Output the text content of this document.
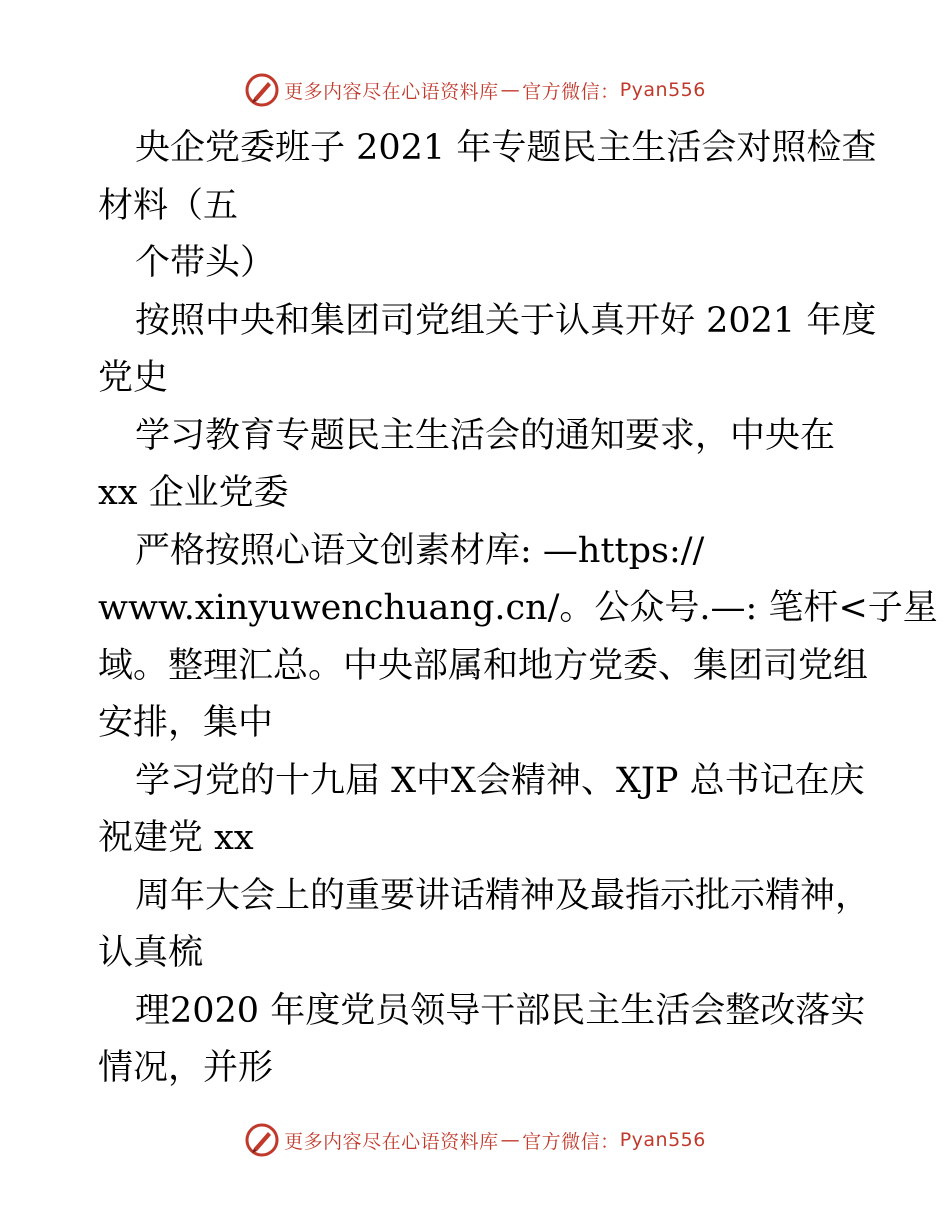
更多内容尽在心语资料库 — 官方微信： Pyan556
央企党委班子 2021 年专题民主生活会对照检查
材料（五
个带头）
按照中央和集团司党组关于认真开好 2021 年度
党史
学习教育专题民主生活会的通知要求，中央在
xx 企业党委
严格按照心语文创素材库: —https://
www.xinyuwenchuang.cn/。公众号.—: 笔杆<子星
域。整理汇总。中央部属和地方党委、集团司党组
安排，集中
学习党的十九届 X中X会精神、XJP 总书记在庆
祝建党 xx
周年大会上的重要讲话精神及最指示批示精神，
认真梳
理2020 年度党员领导干部民主生活会整改落实
情况，并形
更多内容尽在心语资料库 — 官方微信： Pyan556
